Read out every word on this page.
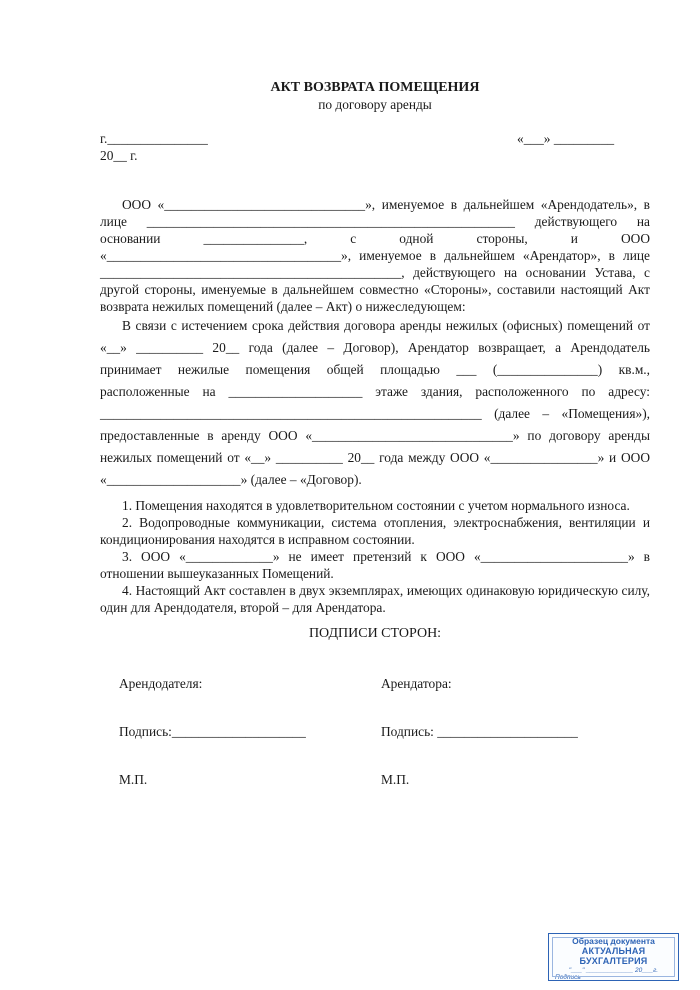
АКТ ВОЗВРАТА ПОМЕЩЕНИЯ
по договору аренды
г._______________	«___» _________
20__ г.

ООО «______________________________», именуемое в дальнейшем «Арендодатель», в лице _______________________________________________________ действующего на основании _______________, с одной стороны, и ООО «___________________________________», именуемое в дальнейшем «Арендатор», в лице _____________________________________________, действующего на основании Устава, с другой стороны, именуемые в дальнейшем совместно «Стороны», составили настоящий Акт возврата нежилых помещений (далее – Акт) о нижеследующем:

В связи с истечением срока действия договора аренды нежилых (офисных) помещений от «__» __________ 20__ года (далее – Договор), Арендатор возвращает, а Арендодатель принимает нежилые помещения общей площадью ___ (_______________) кв.м., расположенные на ____________________ этаже здания, расположенного по адресу: _________________________________________________________ (далее – «Помещения»), предоставленные в аренду ООО «______________________________» по договору аренды нежилых помещений от «__» __________ 20__ года между ООО «________________» и ООО «____________________» (далее – «Договор).

1. Помещения находятся в удовлетворительном состоянии с учетом нормального износа.

2. Водопроводные коммуникации, система отопления, электроснабжения, вентиляции и кондиционирования находятся в исправном состоянии.

3. ООО «_____________» не имеет претензий к ООО «______________________» в отношении вышеуказанных Помещений.

4. Настоящий Акт составлен в двух экземплярах, имеющих одинаковую юридическую силу, один для Арендодателя, второй – для Арендатора.

ПОДПИСИ СТОРОН:
Арендодателя:	Арендатора:
Подпись:____________________	Подпись: _____________________
М.П.	М.П.
Образец документа
АКТУАЛЬНАЯ БУХГАЛТЕРИЯ
"___" _____________ 20___г.
Подпись
